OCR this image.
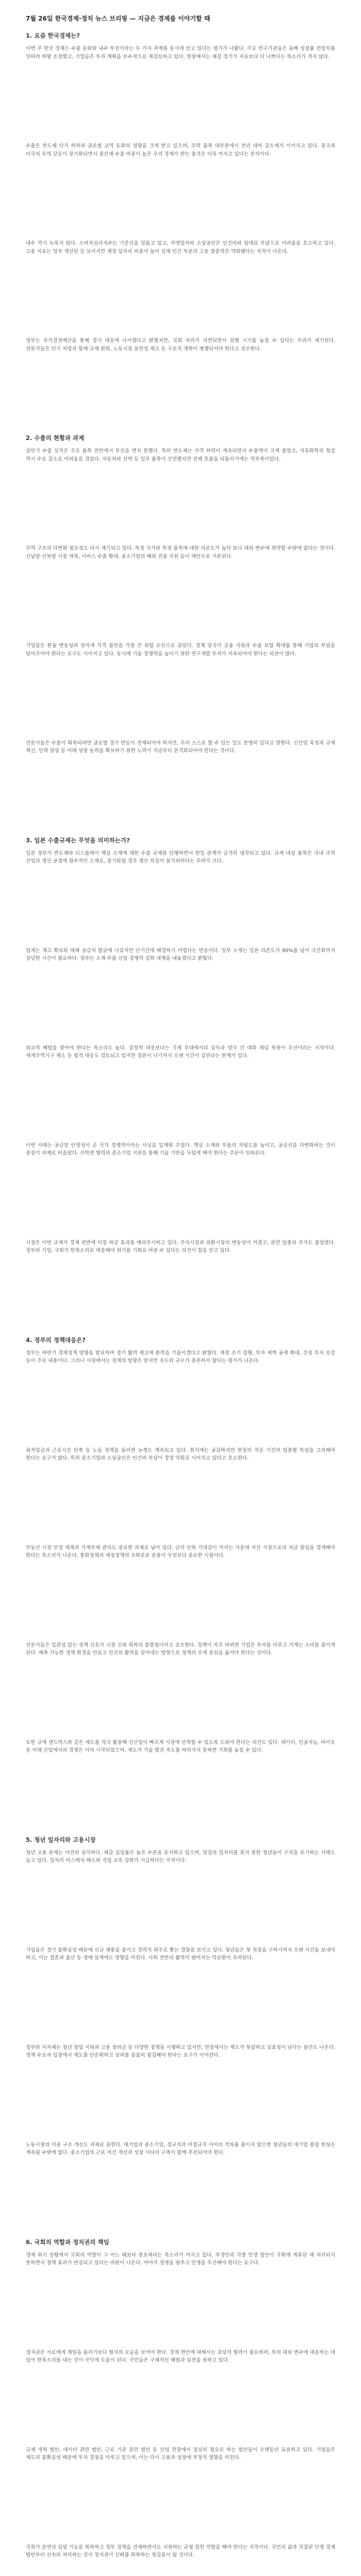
7월 26일 한국경제·정치 뉴스 브리핑 — 지금은 경제를 이야기할 때
1. 요즘 한국경제는?

이번 주 한국 경제는 수출 둔화와 내수 부진이라는 두 가지 과제를 동시에 안고 있다는 평가가 나왔다. 주요 연구기관들은 올해 성장률 전망치를 잇따라 하향 조정했고, 기업들은 투자 계획을 보수적으로 재검토하고 있다. 현장에서는 체감 경기가 지표보다 더 나쁘다는 목소리가 적지 않다.

수출은 반도체 단가 하락과 글로벌 교역 둔화의 영향을 크게 받고 있으며, 주력 품목 대부분에서 전년 대비 감소세가 이어지고 있다. 중국과 미국의 무역 갈등이 장기화되면서 중간재 수출 비중이 높은 우리 경제가 받는 충격은 더욱 커지고 있다는 분석이다.

내수 역시 녹록지 않다. 소비자심리지수는 기준선을 밑돌고 있고, 자영업자와 소상공인은 인건비와 임대료 부담으로 어려움을 호소하고 있다. 고용 지표는 일부 개선된 듯 보이지만 재정 일자리 비중이 높아 실제 민간 부문의 고용 창출력은 약화됐다는 지적이 나온다.

정부는 추가경정예산을 통해 경기 대응에 나서겠다고 밝혔지만, 국회 처리가 지연되면서 집행 시기를 놓칠 수 있다는 우려가 제기된다. 전문가들은 단기 처방과 함께 규제 완화, 노동시장 유연성 제고 등 구조적 개혁이 병행되어야 한다고 강조한다.

2. 수출의 현황과 과제

상반기 수출 실적은 주요 품목 전반에서 부진을 면치 못했다. 특히 반도체는 가격 하락이 계속되면서 수출액이 크게 줄었고, 석유화학과 철강 역시 수요 감소로 어려움을 겪었다. 자동차와 선박 등 일부 품목이 선전했지만 전체 흐름을 되돌리기에는 역부족이었다.

무역 구조의 다변화 필요성도 다시 제기되고 있다. 특정 국가와 특정 품목에 대한 의존도가 높다 보니 대외 변수에 취약할 수밖에 없다는 것이다. 신남방·신북방 시장 개척, 서비스 수출 확대, 중소기업의 해외 진출 지원 등이 대안으로 거론된다.

기업들은 환율 변동성과 원자재 가격 불안을 가장 큰 위험 요인으로 꼽았다. 정책 당국이 금융 지원과 수출 보험 확대를 통해 기업의 부담을 덜어주어야 한다는 요구도 이어지고 있다. 동시에 기술 경쟁력을 높이기 위한 연구개발 투자가 지속되어야 한다는 의견이 많다.

전문가들은 수출이 회복되려면 글로벌 경기 반등이 전제되어야 하지만, 우리 스스로 할 수 있는 일도 분명히 있다고 말한다. 신산업 육성과 규제 혁신, 인력 양성 등 미래 성장 동력을 확보하기 위한 노력이 지금부터 본격화되어야 한다는 것이다.

3. 일본 수출규제는 무엇을 의미하는가?

일본 정부가 반도체와 디스플레이 핵심 소재에 대한 수출 규제를 단행하면서 한일 관계가 급격히 냉각되고 있다. 규제 대상 품목은 국내 주력 산업의 생산 공정에 필수적인 소재로, 장기화될 경우 생산 차질이 불가피하다는 우려가 크다.

업계는 재고 확보와 대체 공급처 발굴에 나섰지만 단기간에 해결하기 어렵다는 반응이다. 일부 소재는 일본 의존도가 90%를 넘어 국산화까지 상당한 시간이 필요하다. 정부는 소재·부품 산업 경쟁력 강화 대책을 내놓겠다고 밝혔다.

외교적 해법을 찾아야 한다는 목소리도 높다. 감정적 대응보다는 국제 무대에서의 설득과 양국 간 대화 채널 복원이 우선이라는 지적이다. 세계무역기구 제소 등 법적 대응도 검토되고 있지만 결론이 나기까지 오랜 시간이 걸린다는 한계가 있다.

이번 사태는 공급망 안정성이 곧 국가 경쟁력이라는 사실을 일깨워 주었다. 핵심 소재와 부품의 자립도를 높이고, 공급선을 다변화하는 것이 중장기 과제로 떠올랐다. 산학연 협력과 중소기업 지원을 통해 기술 기반을 두텁게 해야 한다는 주문이 잇따른다.

시장은 이번 규제가 경제 전반에 미칠 파급 효과를 예의주시하고 있다. 주식시장과 외환시장의 변동성이 커졌고, 관련 업종의 주가도 출렁였다. 정부와 기업, 국회가 한목소리로 대응해야 위기를 기회로 바꿀 수 있다는 의견이 힘을 얻고 있다.

4. 정부의 정책대응은?

정부는 하반기 경제정책 방향을 발표하며 경기 활력 제고에 총력을 기울이겠다고 밝혔다. 재정 조기 집행, 투자 세액 공제 확대, 건설 투자 보강 등이 주요 내용이다. 그러나 시장에서는 정책의 방향은 맞지만 속도와 규모가 충분하지 않다는 평가가 나온다.

최저임금과 근로시간 단축 등 노동 정책을 둘러싼 논쟁도 계속되고 있다. 취지에는 공감하지만 현장의 적응 기간과 업종별 특성을 고려해야 한다는 요구가 많다. 특히 중소기업과 소상공인은 인건비 부담이 경영 악화로 이어지고 있다고 호소한다.

부동산 시장 안정 대책과 가계부채 관리도 중요한 과제로 남아 있다. 금리 인하 기대감이 커지는 가운데 자산 시장으로의 자금 쏠림을 경계해야 한다는 목소리가 나온다. 통화정책과 재정정책의 조화로운 운용이 무엇보다 중요한 시점이다.

전문가들은 일관성 있는 정책 신호가 시장 신뢰 회복의 출발점이라고 강조한다. 정책이 자주 바뀌면 기업은 투자를 미루고 가계는 소비를 줄이게 된다. 예측 가능한 정책 환경을 만들고 민간의 활력을 끌어내는 방향으로 정책의 무게 중심을 옮겨야 한다는 것이다.

또한 규제 샌드박스와 같은 제도를 적극 활용해 신산업이 빠르게 시장에 안착할 수 있도록 도와야 한다는 의견도 있다. 데이터, 인공지능, 바이오 등 미래 산업에서의 경쟁은 이미 시작되었으며, 제도가 기술 발전 속도를 따라가지 못하면 기회를 놓칠 수 있다.

5. 청년 일자리와 고용시장

청년 고용 문제는 여전히 심각하다. 체감 실업률은 높은 수준을 유지하고 있으며, 양질의 일자리를 찾지 못한 청년들이 구직을 포기하는 사례도 늘고 있다. 일자리 미스매치 해소와 직업 교육 강화가 시급하다는 지적이다.

기업들은 경기 불확실성 때문에 신규 채용을 줄이고 경력직 위주로 뽑는 경향을 보이고 있다. 청년들은 첫 직장을 구하기까지 오랜 시간을 보내야 하고, 이는 결혼과 출산 등 생애 설계에도 영향을 미친다. 사회 전반의 활력이 떨어지는 악순환이 우려된다.

정부와 지자체는 청년 창업 지원과 고용 장려금 등 다양한 정책을 시행하고 있지만, 현장에서는 제도가 복잡하고 실효성이 낮다는 불만도 나온다. 정책 수요자 입장에서 제도를 단순화하고 성과를 꼼꼼히 점검해야 한다는 요구가 이어진다.

노동시장의 이중 구조 개선도 과제로 꼽힌다. 대기업과 중소기업, 정규직과 비정규직 사이의 격차를 줄이지 않으면 청년들의 대기업 쏠림 현상은 계속될 수밖에 없다. 중소기업의 근로 여건 개선과 성장 사다리 구축이 함께 추진되어야 한다.

6. 국회의 역할과 정치권의 책임

경제 위기 상황에서 국회의 역할이 그 어느 때보다 중요하다는 목소리가 커지고 있다. 추경안과 각종 민생 법안이 국회에 계류된 채 처리되지 못하면서 정책 효과가 반감되고 있다는 비판이 나온다. 여야가 정쟁을 멈추고 민생을 우선해야 한다는 요구다.

정치권은 서로에게 책임을 돌리기보다 협치의 모습을 보여야 한다. 경제 현안에 대해서는 초당적 협력이 필요하며, 특히 대외 변수에 대응하는 데 있어 한목소리를 내는 것이 국익에 도움이 된다. 국민들은 구체적인 해법과 실천을 원하고 있다.

규제 개혁 법안, 데이터 관련 법안, 근로 기준 관련 법안 등 산업 현장에서 절실히 필요로 하는 법안들이 오랫동안 표류하고 있다. 기업들은 제도의 불확실성 때문에 투자 결정을 미루고 있으며, 이는 다시 고용과 성장에 부정적 영향을 미친다.

국회가 본연의 입법 기능을 회복하고 정부 정책을 견제하면서도 지원하는 균형 잡힌 역할을 해야 한다는 지적이다. 국민의 삶과 직결된 민생 경제 법안부터 신속히 처리하는 것이 정치권이 신뢰를 회복하는 첫걸음이 될 것이다.
